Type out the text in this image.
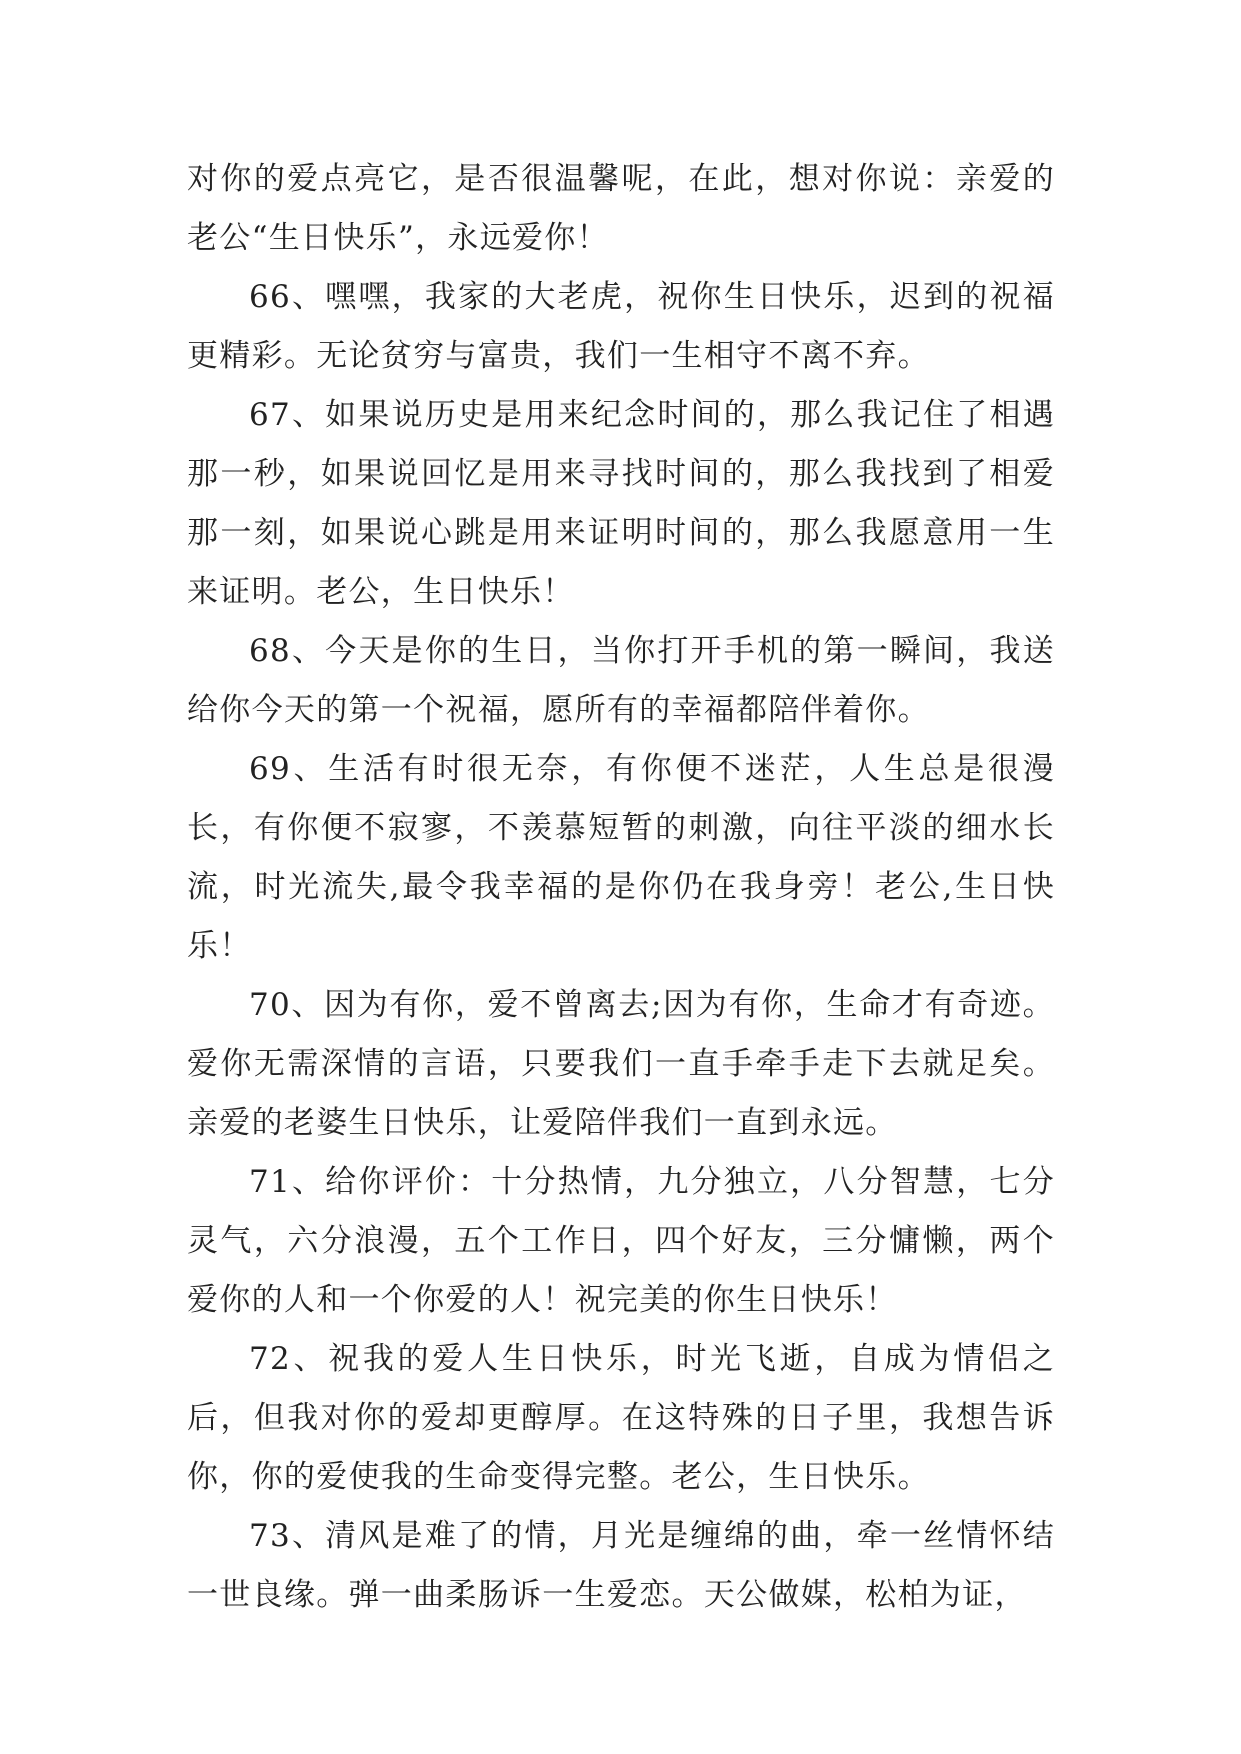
对你的爱点亮它，是否很温馨呢，在此，想对你说：亲爱的老公“生日快乐”，永远爱你！

66、嘿嘿，我家的大老虎，祝你生日快乐，迟到的祝福更精彩。无论贫穷与富贵，我们一生相守不离不弃。

67、如果说历史是用来纪念时间的，那么我记住了相遇那一秒，如果说回忆是用来寻找时间的，那么我找到了相爱那一刻，如果说心跳是用来证明时间的，那么我愿意用一生来证明。老公，生日快乐！

68、今天是你的生日，当你打开手机的第一瞬间，我送给你今天的第一个祝福，愿所有的幸福都陪伴着你。

69、生活有时很无奈，有你便不迷茫，人生总是很漫长，有你便不寂寥，不羡慕短暂的刺激，向往平淡的细水长流，时光流失,最令我幸福的是你仍在我身旁！老公,生日快乐！

70、因为有你，爱不曾离去;因为有你，生命才有奇迹。爱你无需深情的言语，只要我们一直手牵手走下去就足矣。亲爱的老婆生日快乐，让爱陪伴我们一直到永远。

71、给你评价：十分热情，九分独立，八分智慧，七分灵气，六分浪漫，五个工作日，四个好友，三分慵懒，两个爱你的人和一个你爱的人！祝完美的你生日快乐！

72、祝我的爱人生日快乐，时光飞逝，自成为情侣之后，但我对你的爱却更醇厚。在这特殊的日子里，我想告诉你，你的爱使我的生命变得完整。老公，生日快乐。

73、清风是难了的情，月光是缠绵的曲，牵一丝情怀结一世良缘。弹一曲柔肠诉一生爱恋。天公做媒，松柏为证，
